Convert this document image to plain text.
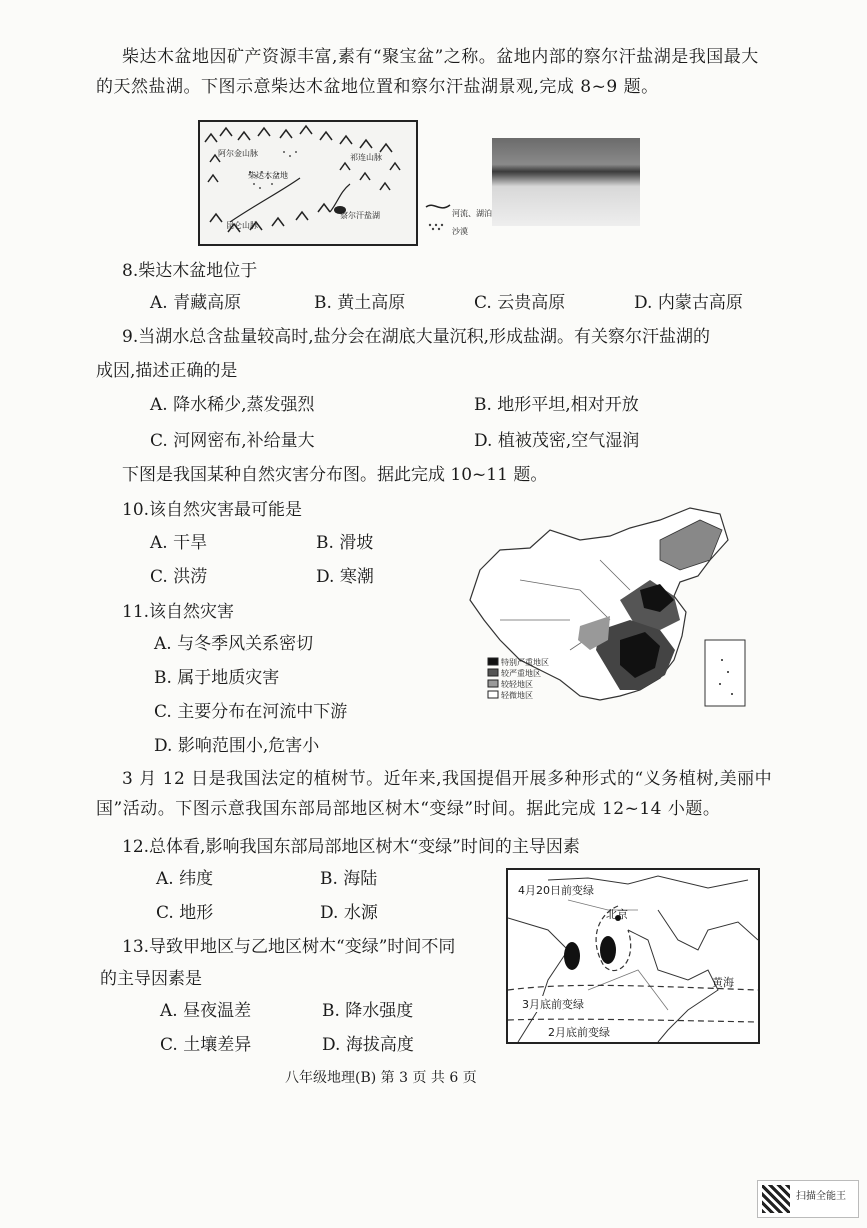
柴达木盆地因矿产资源丰富,素有“聚宝盆”之称。盆地内部的察尔汗盐湖是我国最大的天然盐湖。下图示意柴达木盆地位置和察尔汗盐湖景观,完成 8~9 题。
阿尔金山脉	祁连山脉
柴达木盆地
察尔汗盐湖
昆仑山脉
河流、湖泊
沙漠
8.柴达木盆地位于
A. 青藏高原	B. 黄土高原	C. 云贵高原	D. 内蒙古高原
9.当湖水总含盐量较高时,盐分会在湖底大量沉积,形成盐湖。有关察尔汗盐湖的
成因,描述正确的是
A. 降水稀少,蒸发强烈	B. 地形平坦,相对开放
C. 河网密布,补给量大	D. 植被茂密,空气湿润
下图是我国某种自然灾害分布图。据此完成 10~11 题。
10.该自然灾害最可能是
A. 干旱	B. 滑坡
C. 洪涝	D. 寒潮
11.该自然灾害
A. 与冬季风关系密切
B. 属于地质灾害
C. 主要分布在河流中下游
D. 影响范围小,危害小
特别严重地区
较严重地区
较轻地区
轻微地区
3 月 12 日是我国法定的植树节。近年来,我国提倡开展多种形式的“义务植树,美丽中国”活动。下图示意我国东部局部地区树木“变绿”时间。据此完成 12~14 小题。
12.总体看,影响我国东部局部地区树木“变绿”时间的主导因素
A. 纬度	B. 海陆
C. 地形	D. 水源
13.导致甲地区与乙地区树木“变绿”时间不同
的主导因素是
A. 昼夜温差	B. 降水强度
C. 土壤差异	D. 海拔高度
4月20日前变绿
北京
黄海
3月底前变绿
2月底前变绿
八年级地理(B) 第 3 页 共 6 页
扫描全能王
